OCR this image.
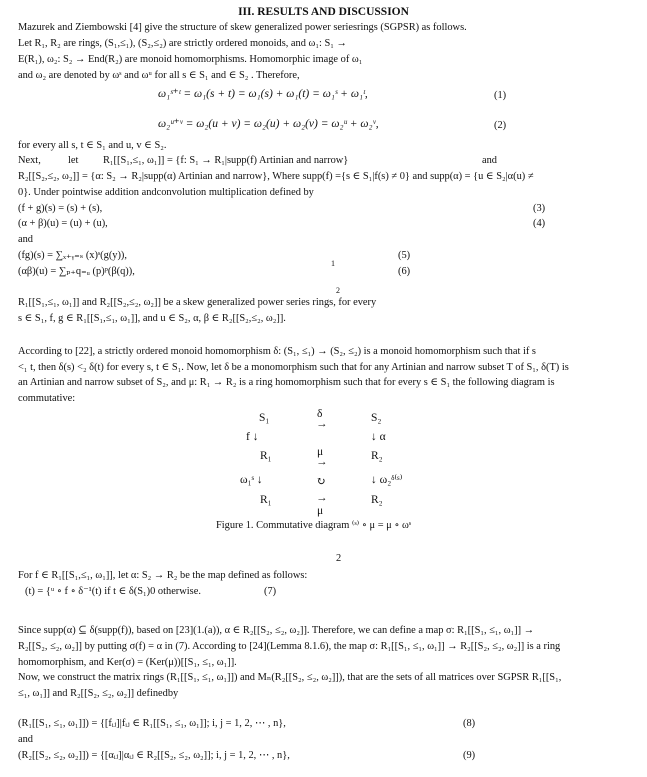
III. RESULTS AND DISCUSSION
Mazurek and Ziembowski [4] give the structure of skew generalized power seriesrings (SGPSR) as follows.
Let R₁, R₂ are rings, (S₁,≤₁), (S₂,≤₂) are strictly ordered monoids, and ω₁: S₁ →
E(R₁), ω₂: S₂ → End(R₂) are monoid homomorphisms. Homomorphic image of ω₁
and ω₂ are denoted by ωˢ and ωᵘ for all s ∈ S₁ and ∈ S₂ . Therefore,
ω₁ˢ⁺ᵗ = ω₁(s + t) = ω₁(s) + ω₁(t) = ω₁ˢ + ω₁ᵗ,	(1)
ω₂ᵘ⁺ᵛ = ω₂(u + v) = ω₂(u) + ω₂(v) = ω₂ᵘ + ω₂ᵛ,	(2)
for every all s, t ∈ S₁ and u, v ∈ S₂.
Next,	let R₁[[S₁,≤₁, ω₁]] = {f: S₁ → R₁|supp(f) Artinian and narrow}	and
R₂[[S₂,≤₂, ω₂]] = {α: S₂ → R₂|supp(α) Artinian and narrow}, Where supp(f) ={s ∈ S₁|f(s) ≠ 0} and supp(α) = {u ∈ S₂|α(u) ≠
0}. Under pointwise addition andconvolution multiplication defined by
(f + g)(s) = (s) + (s),	(3)
(α + β)(u) = (u) + (u),	(4)
and
(fg)(s) = ∑ₓ₊ᵧ₌ₛ (x)ˢ(g(y)),
1
(5)
(αβ)(u) = ∑ₚ₊q₌ᵤ (p)ᵖ(β(q)),	(6)
2
R₁[[S₁,≤₁, ω₁]] and R₂[[S₂,≤₂, ω₂]] be a skew generalized power series rings, for every
s ∈ S₁, f, g ∈ R₁[[S₁,≤₁, ω₁]], and u ∈ S₂, α, β ∈ R₂[[S₂,≤₂, ω₂]].
According to [22], a strictly ordered monoid homomorphism δ: (S₁, ≤₁) → (S₂, ≤₂) is a monoid homomorphism such that if s
<₁ t, then δ(s) <₂ δ(t) for every s, t ∈ S₁. Now, let δ be a monomorphism such that for any Artinian and narrow subset T of S₁, δ(T) is
an Artinian and narrow subset of S₂, and μ: R₁ → R₂ is a ring homomorphism such that for every s ∈ S₁ the following diagram is
commutative:
S₁	δ
→	S₂
f ↓	↓ α
R₁	μ
→	R₂
ω₁ˢ ↓	↻	↓ ω₂ᵟ⁽ˢ⁾
R₁	→
μ
R₂
Figure 1. Commutative diagram ⁽ˢ⁾ ∘ μ = μ ∘ ωˢ
2
For f ∈ R₁[[S₁,≤₁, ω₁]], let α: S₂ → R₂ be the map defined as follows:
(t) = {ᵘ ∘ f ∘ δ⁻¹(t) if t ∈ δ(S₁)0 otherwise.	(7)
Since supp(α) ⊆ δ(supp(f)), based on [23](1.(a)), α ∈ R₂[[S₂, ≤₂, ω₂]]. Therefore, we can define a map σ: R₁[[S₁, ≤₁, ω₁]] →
R₂[[S₂, ≤₂, ω₂]] by putting σ(f) = α in (7). According to [24](Lemma 8.1.6), the map σ: R₁[[S₁, ≤₁, ω₁]] → R₂[[S₂, ≤₂, ω₂]] is a ring
homomorphism, and Ker(σ) = (Ker(μ))[[S₁, ≤₁, ω₁]].
Now, we construct the matrix rings (R₁[[S₁, ≤₁, ω₁]]) and Mₙ(R₂[[S₂, ≤₂, ω₂]]), that are the sets of all matrices over SGPSR R₁[[S₁,
≤₁, ω₁]] and R₂[[S₂, ≤₂, ω₂]] definedby
(R₁[[S₁, ≤₁, ω₁]]) = {[fᵢⱼ]|fᵢⱼ ∈ R₁[[S₁, ≤₁, ω₁]]; i, j = 1, 2, ⋯ , n},	(8)
and
(R₂[[S₂, ≤₂, ω₂]]) = {[αᵢⱼ]|αᵢⱼ ∈ R₂[[S₂, ≤₂, ω₂]]; i, j = 1, 2, ⋯ , n},	(9)
